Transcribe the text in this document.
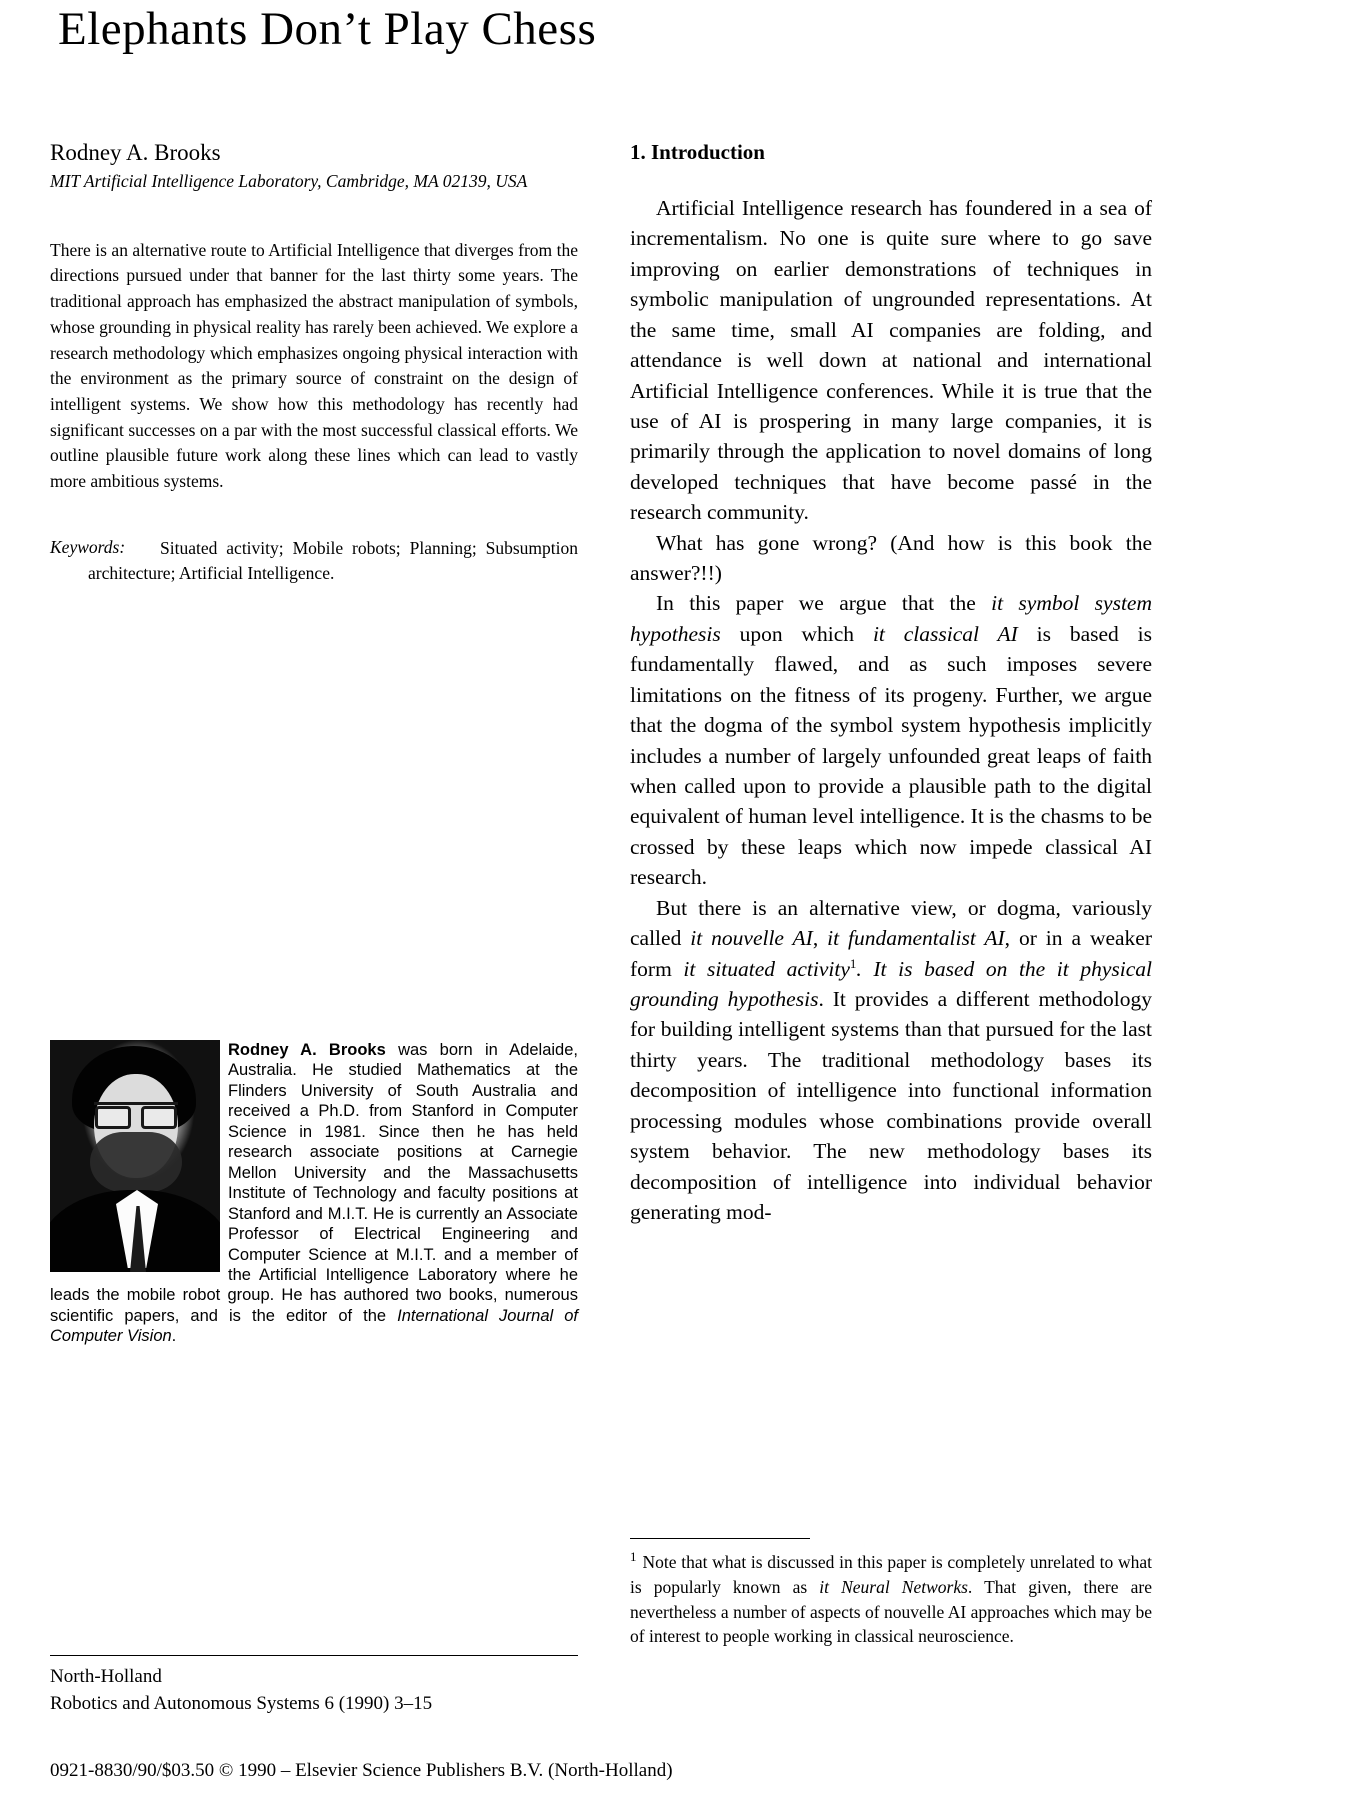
Elephants Don’t Play Chess
Rodney A. Brooks
MIT Artificial Intelligence Laboratory, Cambridge, MA 02139, USA
There is an alternative route to Artificial Intelligence that diverges from the directions pursued under that banner for the last thirty some years. The traditional approach has emphasized the abstract manipulation of symbols, whose grounding in physical reality has rarely been achieved. We explore a research methodology which emphasizes ongoing physical interaction with the environment as the primary source of constraint on the design of intelligent systems. We show how this methodology has recently had significant successes on a par with the most successful classical efforts. We outline plausible future work along these lines which can lead to vastly more ambitious systems.
Keywords:	Situated activity; Mobile robots; Planning; Subsumption architecture; Artificial Intelligence.
Rodney A. Brooks was born in Adelaide, Australia. He studied Mathematics at the Flinders University of South Australia and received a Ph.D. from Stanford in Computer Science in 1981. Since then he has held research associate positions at Carnegie Mellon University and the Massachusetts Institute of Technology and faculty positions at Stanford and M.I.T. He is currently an Associate Professor of Electrical Engineering and Computer Science at M.I.T. and a member of the Artificial Intelligence Laboratory where he leads the mobile robot group. He has authored two books, numerous scientific papers, and is the editor of the International Journal of Computer Vision.
North-Holland
Robotics and Autonomous Systems 6 (1990) 3–15
0921-8830/90/$03.50 © 1990 – Elsevier Science Publishers B.V. (North-Holland)
1. Introduction
Artificial Intelligence research has foundered in a sea of incrementalism. No one is quite sure where to go save improving on earlier demonstrations of techniques in symbolic manipulation of ungrounded representations. At the same time, small AI companies are folding, and attendance is well down at national and international Artificial Intelligence conferences. While it is true that the use of AI is prospering in many large companies, it is primarily through the application to novel domains of long developed techniques that have become passé in the research community.
What has gone wrong? (And how is this book the answer?!!)
In this paper we argue that the it symbol system hypothesis upon which it classical AI is based is fundamentally flawed, and as such imposes severe limitations on the fitness of its progeny. Further, we argue that the dogma of the symbol system hypothesis implicitly includes a number of largely unfounded great leaps of faith when called upon to provide a plausible path to the digital equivalent of human level intelligence. It is the chasms to be crossed by these leaps which now impede classical AI research.
But there is an alternative view, or dogma, variously called it nouvelle AI, it fundamentalist AI, or in a weaker form it situated activity$^1$. It is based on the it physical grounding hypothesis. It provides a different methodology for building intelligent systems than that pursued for the last thirty years. The traditional methodology bases its decomposition of intelligence into functional information processing modules whose combinations provide overall system behavior. The new methodology bases its decomposition of intelligence into individual behavior generating mod-
$^1$ Note that what is discussed in this paper is completely unrelated to what is popularly known as it Neural Networks. That given, there are nevertheless a number of aspects of nouvelle AI approaches which may be of interest to people working in classical neuroscience.
